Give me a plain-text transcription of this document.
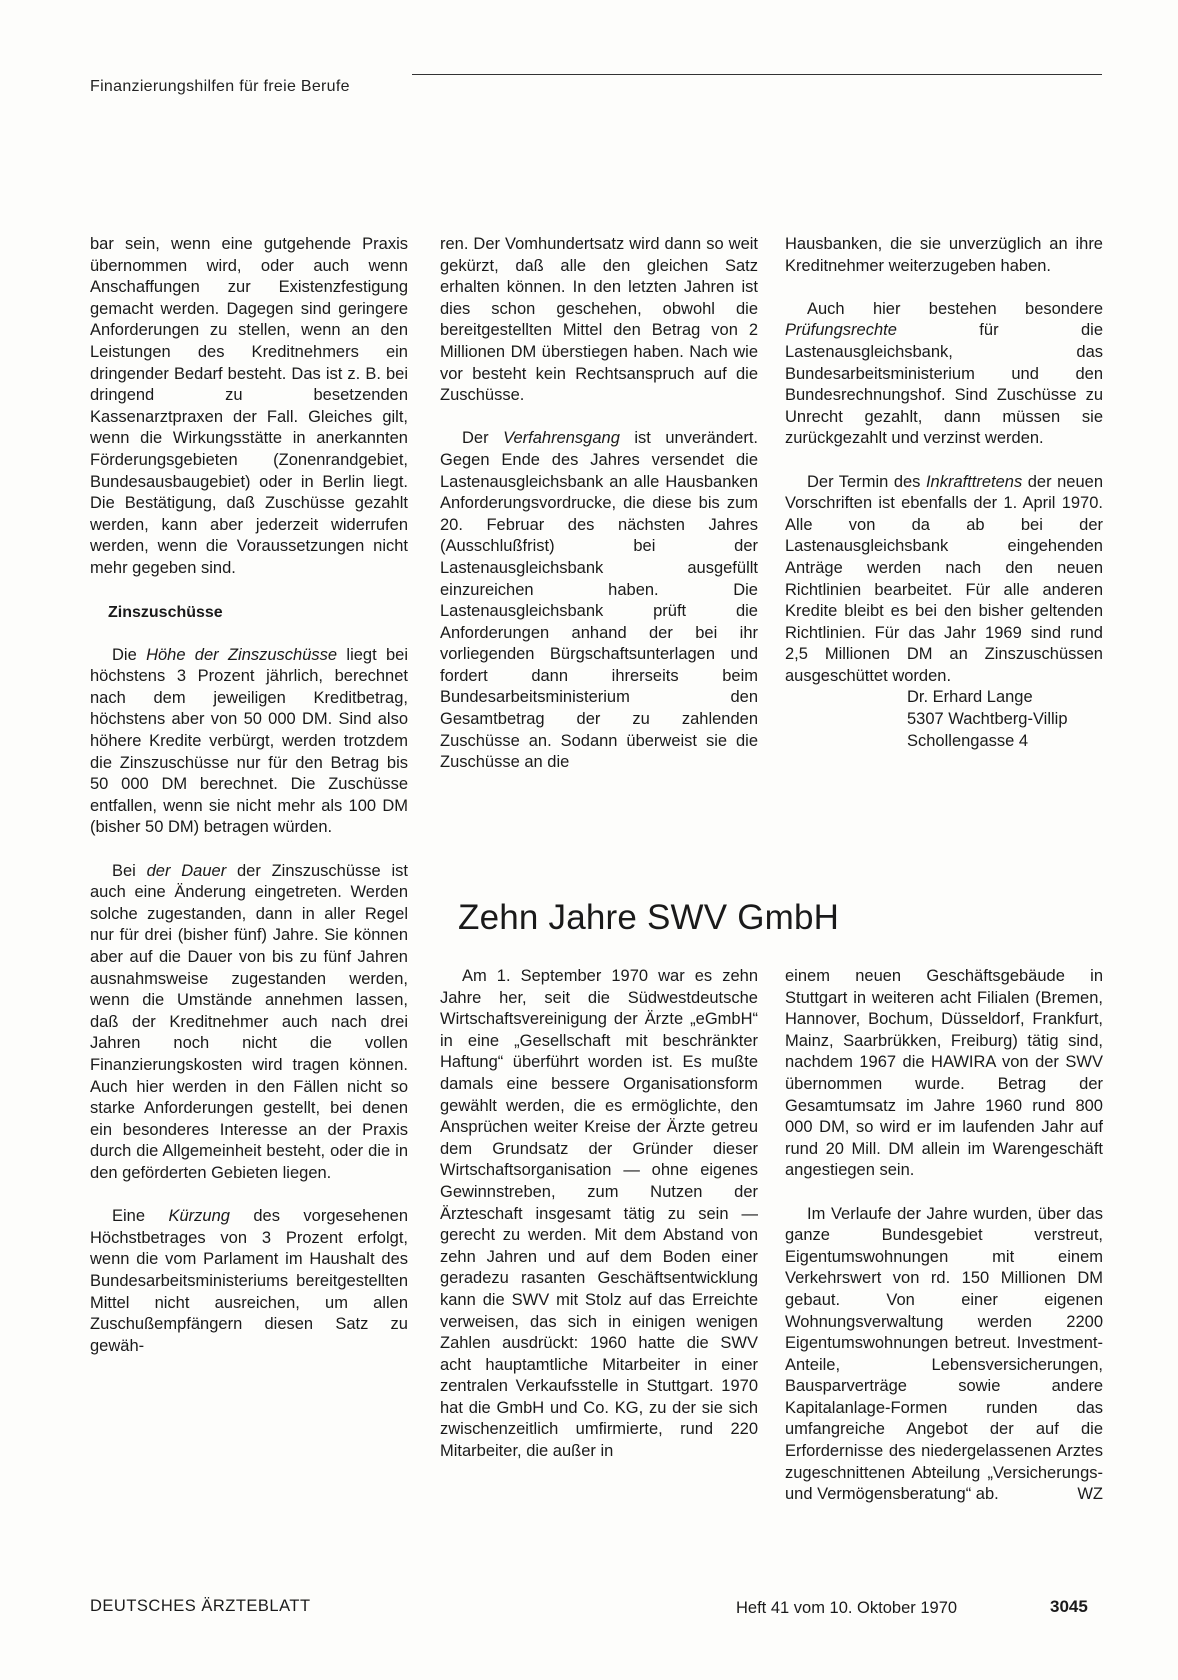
Finanzierungshilfen für freie Berufe

bar sein, wenn eine gutgehende Praxis übernommen wird, oder auch wenn Anschaffungen zur Existenzfestigung gemacht werden. Dagegen sind geringere Anforderungen zu stellen, wenn an den Leistungen des Kreditnehmers ein dringender Bedarf besteht. Das ist z. B. bei dringend zu besetzenden Kassenarztpraxen der Fall. Gleiches gilt, wenn die Wirkungsstätte in anerkannten Förderungsgebieten (Zonenrandgebiet, Bundesausbaugebiet) oder in Berlin liegt. Die Bestätigung, daß Zuschüsse gezahlt werden, kann aber jederzeit widerrufen werden, wenn die Voraussetzungen nicht mehr gegeben sind.

Zinszuschüsse

Die Höhe der Zinszuschüsse liegt bei höchstens 3 Prozent jährlich, berechnet nach dem jeweiligen Kreditbetrag, höchstens aber von 50 000 DM. Sind also höhere Kredite verbürgt, werden trotzdem die Zinszuschüsse nur für den Betrag bis 50 000 DM berechnet. Die Zuschüsse entfallen, wenn sie nicht mehr als 100 DM (bisher 50 DM) betragen würden.

Bei der Dauer der Zinszuschüsse ist auch eine Änderung eingetreten. Werden solche zugestanden, dann in aller Regel nur für drei (bisher fünf) Jahre. Sie können aber auf die Dauer von bis zu fünf Jahren ausnahmsweise zugestanden werden, wenn die Umstände annehmen lassen, daß der Kreditnehmer auch nach drei Jahren noch nicht die vollen Finanzierungskosten wird tragen können. Auch hier werden in den Fällen nicht so starke Anforderungen gestellt, bei denen ein besonderes Interesse an der Praxis durch die Allgemeinheit besteht, oder die in den geförderten Gebieten liegen.

Eine Kürzung des vorgesehenen Höchstbetrages von 3 Prozent erfolgt, wenn die vom Parlament im Haushalt des Bundesarbeitsministeriums bereitgestellten Mittel nicht ausreichen, um allen Zuschußempfängern diesen Satz zu gewäh-

ren. Der Vomhundertsatz wird dann so weit gekürzt, daß alle den gleichen Satz erhalten können. In den letzten Jahren ist dies schon geschehen, obwohl die bereitgestellten Mittel den Betrag von 2 Millionen DM überstiegen haben. Nach wie vor besteht kein Rechtsanspruch auf die Zuschüsse.

Der Verfahrensgang ist unverändert. Gegen Ende des Jahres versendet die Lastenausgleichsbank an alle Hausbanken Anforderungsvordrucke, die diese bis zum 20. Februar des nächsten Jahres (Ausschlußfrist) bei der Lastenausgleichsbank ausgefüllt einzureichen haben. Die Lastenausgleichsbank prüft die Anforderungen anhand der bei ihr vorliegenden Bürgschaftsunterlagen und fordert dann ihrerseits beim Bundesarbeitsministerium den Gesamtbetrag der zu zahlenden Zuschüsse an. Sodann überweist sie die Zuschüsse an die

Hausbanken, die sie unverzüglich an ihre Kreditnehmer weiterzugeben haben.

Auch hier bestehen besondere Prüfungsrechte für die Lastenausgleichsbank, das Bundesarbeitsministerium und den Bundesrechnungshof. Sind Zuschüsse zu Unrecht gezahlt, dann müssen sie zurückgezahlt und verzinst werden.

Der Termin des Inkrafttretens der neuen Vorschriften ist ebenfalls der 1. April 1970. Alle von da ab bei der Lastenausgleichsbank eingehenden Anträge werden nach den neuen Richtlinien bearbeitet. Für alle anderen Kredite bleibt es bei den bisher geltenden Richtlinien. Für das Jahr 1969 sind rund 2,5 Millionen DM an Zinszuschüssen ausgeschüttet worden.

Dr. Erhard Lange
5307 Wachtberg-Villip
Schollengasse 4
Zehn Jahre SWV GmbH

Am 1. September 1970 war es zehn Jahre her, seit die Südwestdeutsche Wirtschaftsvereinigung der Ärzte „eGmbH“ in eine „Gesellschaft mit beschränkter Haftung“ überführt worden ist. Es mußte damals eine bessere Organisationsform gewählt werden, die es ermöglichte, den Ansprüchen weiter Kreise der Ärzte getreu dem Grundsatz der Gründer dieser Wirtschaftsorganisation — ohne eigenes Gewinnstreben, zum Nutzen der Ärzteschaft insgesamt tätig zu sein — gerecht zu werden. Mit dem Abstand von zehn Jahren und auf dem Boden einer geradezu rasanten Geschäftsentwicklung kann die SWV mit Stolz auf das Erreichte verweisen, das sich in einigen wenigen Zahlen ausdrückt: 1960 hatte die SWV acht hauptamtliche Mitarbeiter in einer zentralen Verkaufsstelle in Stuttgart. 1970 hat die GmbH und Co. KG, zu der sie sich zwischenzeitlich umfirmierte, rund 220 Mitarbeiter, die außer in

einem neuen Geschäftsgebäude in Stuttgart in weiteren acht Filialen (Bremen, Hannover, Bochum, Düsseldorf, Frankfurt, Mainz, Saarbrükken, Freiburg) tätig sind, nachdem 1967 die HAWIRA von der SWV übernommen wurde. Betrag der Gesamtumsatz im Jahre 1960 rund 800 000 DM, so wird er im laufenden Jahr auf rund 20 Mill. DM allein im Warengeschäft angestiegen sein.

Im Verlaufe der Jahre wurden, über das ganze Bundesgebiet verstreut, Eigentumswohnungen mit einem Verkehrswert von rd. 150 Millionen DM gebaut. Von einer eigenen Wohnungsverwaltung werden 2200 Eigentumswohnungen betreut. Investment-Anteile, Lebensversicherungen, Bausparverträge sowie andere Kapitalanlage-Formen runden das umfangreiche Angebot der auf die Erfordernisse des niedergelassenen Arztes zugeschnittenen Abteilung „Versicherungs- und Vermögensberatung“ ab.	WZ

DEUTSCHES ÄRZTEBLATT	Heft 41 vom 10. Oktober 1970	3045
